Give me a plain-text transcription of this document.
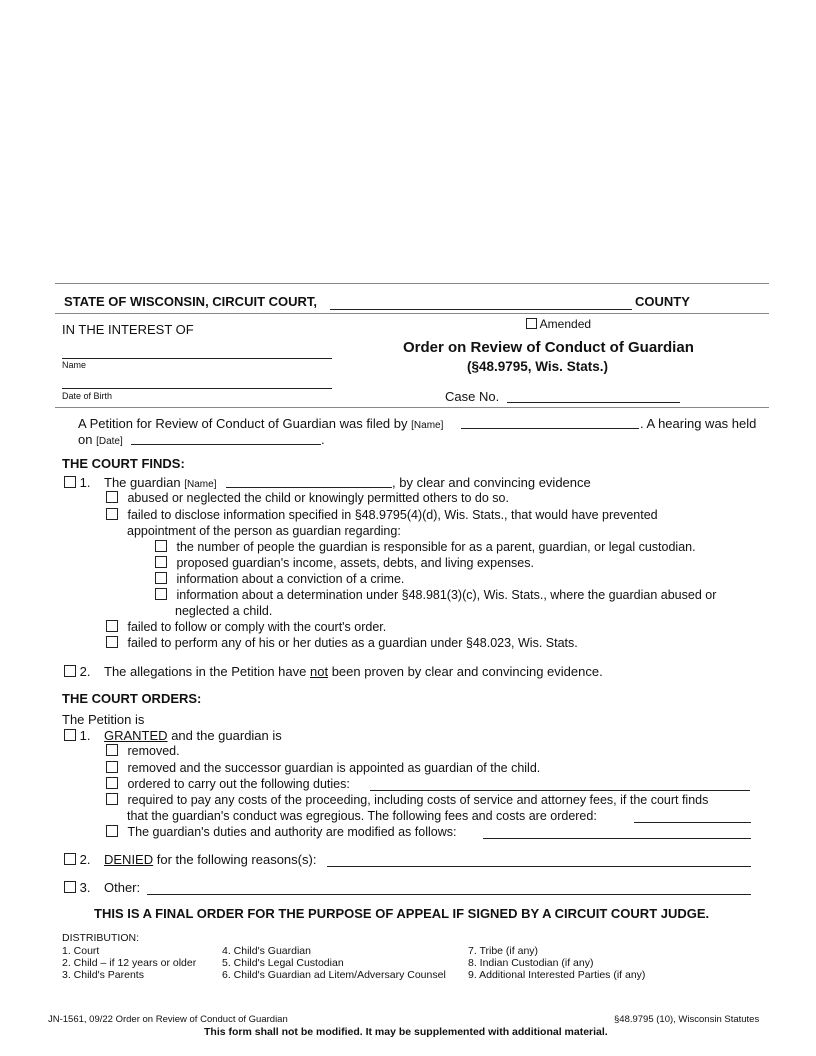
STATE OF WISCONSIN, CIRCUIT COURT,	COUNTY
IN THE INTEREST OF	Amended
Order on Review of Conduct of Guardian
(§48.9795, Wis. Stats.)
Name
Date of Birth	Case No.
A Petition for Review of Conduct of Guardian was filed by [Name]	. A hearing was held
on [Date]	.
THE COURT FINDS:
1. The guardian [Name]	, by clear and convincing evidence
abused or neglected the child or knowingly permitted others to do so.
failed to disclose information specified in §48.9795(4)(d), Wis. Stats., that would have prevented
appointment of the person as guardian regarding:
the number of people the guardian is responsible for as a parent, guardian, or legal custodian.
proposed guardian's income, assets, debts, and living expenses.
information about a conviction of a crime.
information about a determination under §48.981(3)(c), Wis. Stats., where the guardian abused or
neglected a child.
failed to follow or comply with the court's order.
failed to perform any of his or her duties as a guardian under §48.023, Wis. Stats.
2. The allegations in the Petition have not been proven by clear and convincing evidence.
THE COURT ORDERS:
The Petition is
1. GRANTED and the guardian is
removed.
removed and the successor guardian is appointed as guardian of the child.
ordered to carry out the following duties:
required to pay any costs of the proceeding, including costs of service and attorney fees, if the court finds
that the guardian's conduct was egregious. The following fees and costs are ordered:
The guardian's duties and authority are modified as follows:
2. DENIED for the following reasons(s):
3. Other:
THIS IS A FINAL ORDER FOR THE PURPOSE OF APPEAL IF SIGNED BY A CIRCUIT COURT JUDGE.
DISTRIBUTION:
1. Court
2. Child – if 12 years or older
3. Child's Parents
4. Child's Guardian
5. Child's Legal Custodian
6. Child's Guardian ad Litem/Adversary Counsel
7. Tribe (if any)
8. Indian Custodian (if any)
9. Additional Interested Parties (if any)
JN-1561, 09/22 Order on Review of Conduct of Guardian	§48.9795 (10), Wisconsin Statutes
This form shall not be modified. It may be supplemented with additional material.
